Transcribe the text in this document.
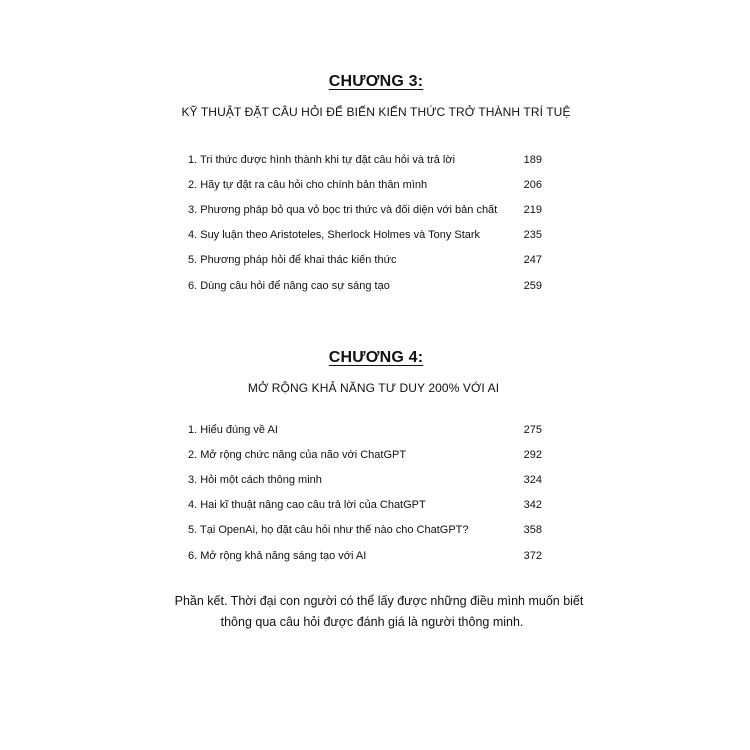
CHƯƠNG 3:
KỸ THUẬT ĐẶT CÂU HỎI ĐỂ BIẾN KIẾN THỨC TRỞ THÀNH TRÍ TUỆ
1. Tri thức được hình thành khi tự đặt câu hỏi và trả lời	189
2. Hãy tự đặt ra câu hỏi cho chính bản thân mình	206
3. Phương pháp bỏ qua vỏ bọc tri thức và đối diện với bản chất	219
4. Suy luận theo Aristoteles, Sherlock Holmes và Tony Stark	235
5. Phương pháp hỏi để khai thác kiến thức	247
6. Dùng câu hỏi để nâng cao sự sáng tạo	259
CHƯƠNG 4:
MỞ RỘNG KHẢ NĂNG TƯ DUY 200% VỚI AI
1. Hiểu đúng về AI	275
2. Mở rộng chức năng của não với ChatGPT	292
3. Hỏi một cách thông minh	324
4. Hai kĩ thuật nâng cao câu trả lời của ChatGPT	342
5. Tại OpenAi, họ đặt câu hỏi như thế nào cho ChatGPT?	358
6. Mở rộng khả năng sáng tạo với AI	372
Phần kết. Thời đại con người có thể lấy được những điều mình muốn biết
thông qua câu hỏi được đánh giá là người thông minh.
